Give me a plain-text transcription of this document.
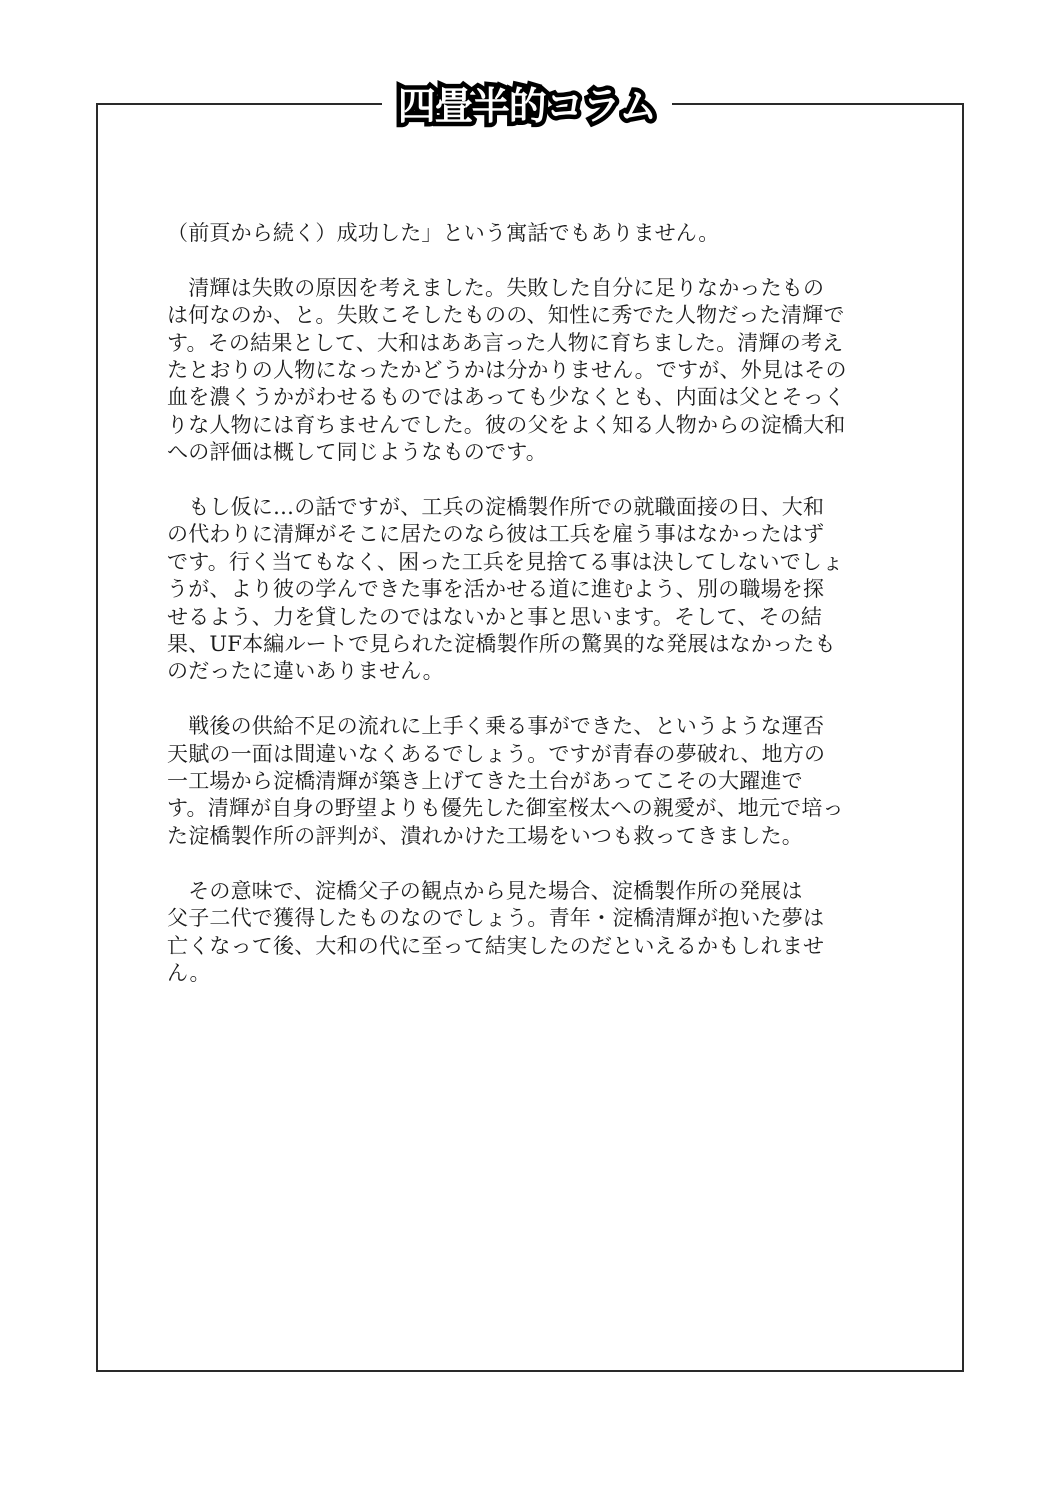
四畳半的コラム

（前頁から続く）成功した」という寓話でもありません。

　清輝は失敗の原因を考えました。失敗した自分に足りなかったもの
は何なのか、と。失敗こそしたものの、知性に秀でた人物だった清輝で
す。その結果として、大和はああ言った人物に育ちました。清輝の考え
たとおりの人物になったかどうかは分かりません。ですが、外見はその
血を濃くうかがわせるものではあっても少なくとも、内面は父とそっく
りな人物には育ちませんでした。彼の父をよく知る人物からの淀橋大和
への評価は概して同じようなものです。

　もし仮に…の話ですが、工兵の淀橋製作所での就職面接の日、大和
の代わりに清輝がそこに居たのなら彼は工兵を雇う事はなかったはず
です。行く当てもなく、困った工兵を見捨てる事は決してしないでしょ
うが、より彼の学んできた事を活かせる道に進むよう、別の職場を探
せるよう、力を貸したのではないかと事と思います。そして、その結
果、UF本編ルートで見られた淀橋製作所の驚異的な発展はなかったも
のだったに違いありません。

　戦後の供給不足の流れに上手く乗る事ができた、というような運否
天賦の一面は間違いなくあるでしょう。ですが青春の夢破れ、地方の
一工場から淀橋清輝が築き上げてきた土台があってこその大躍進で
す。清輝が自身の野望よりも優先した御室桜太への親愛が、地元で培っ
た淀橋製作所の評判が、潰れかけた工場をいつも救ってきました。

　その意味で、淀橋父子の観点から見た場合、淀橋製作所の発展は
父子二代で獲得したものなのでしょう。青年・淀橋清輝が抱いた夢は
亡くなって後、大和の代に至って結実したのだといえるかもしれませ
ん。
